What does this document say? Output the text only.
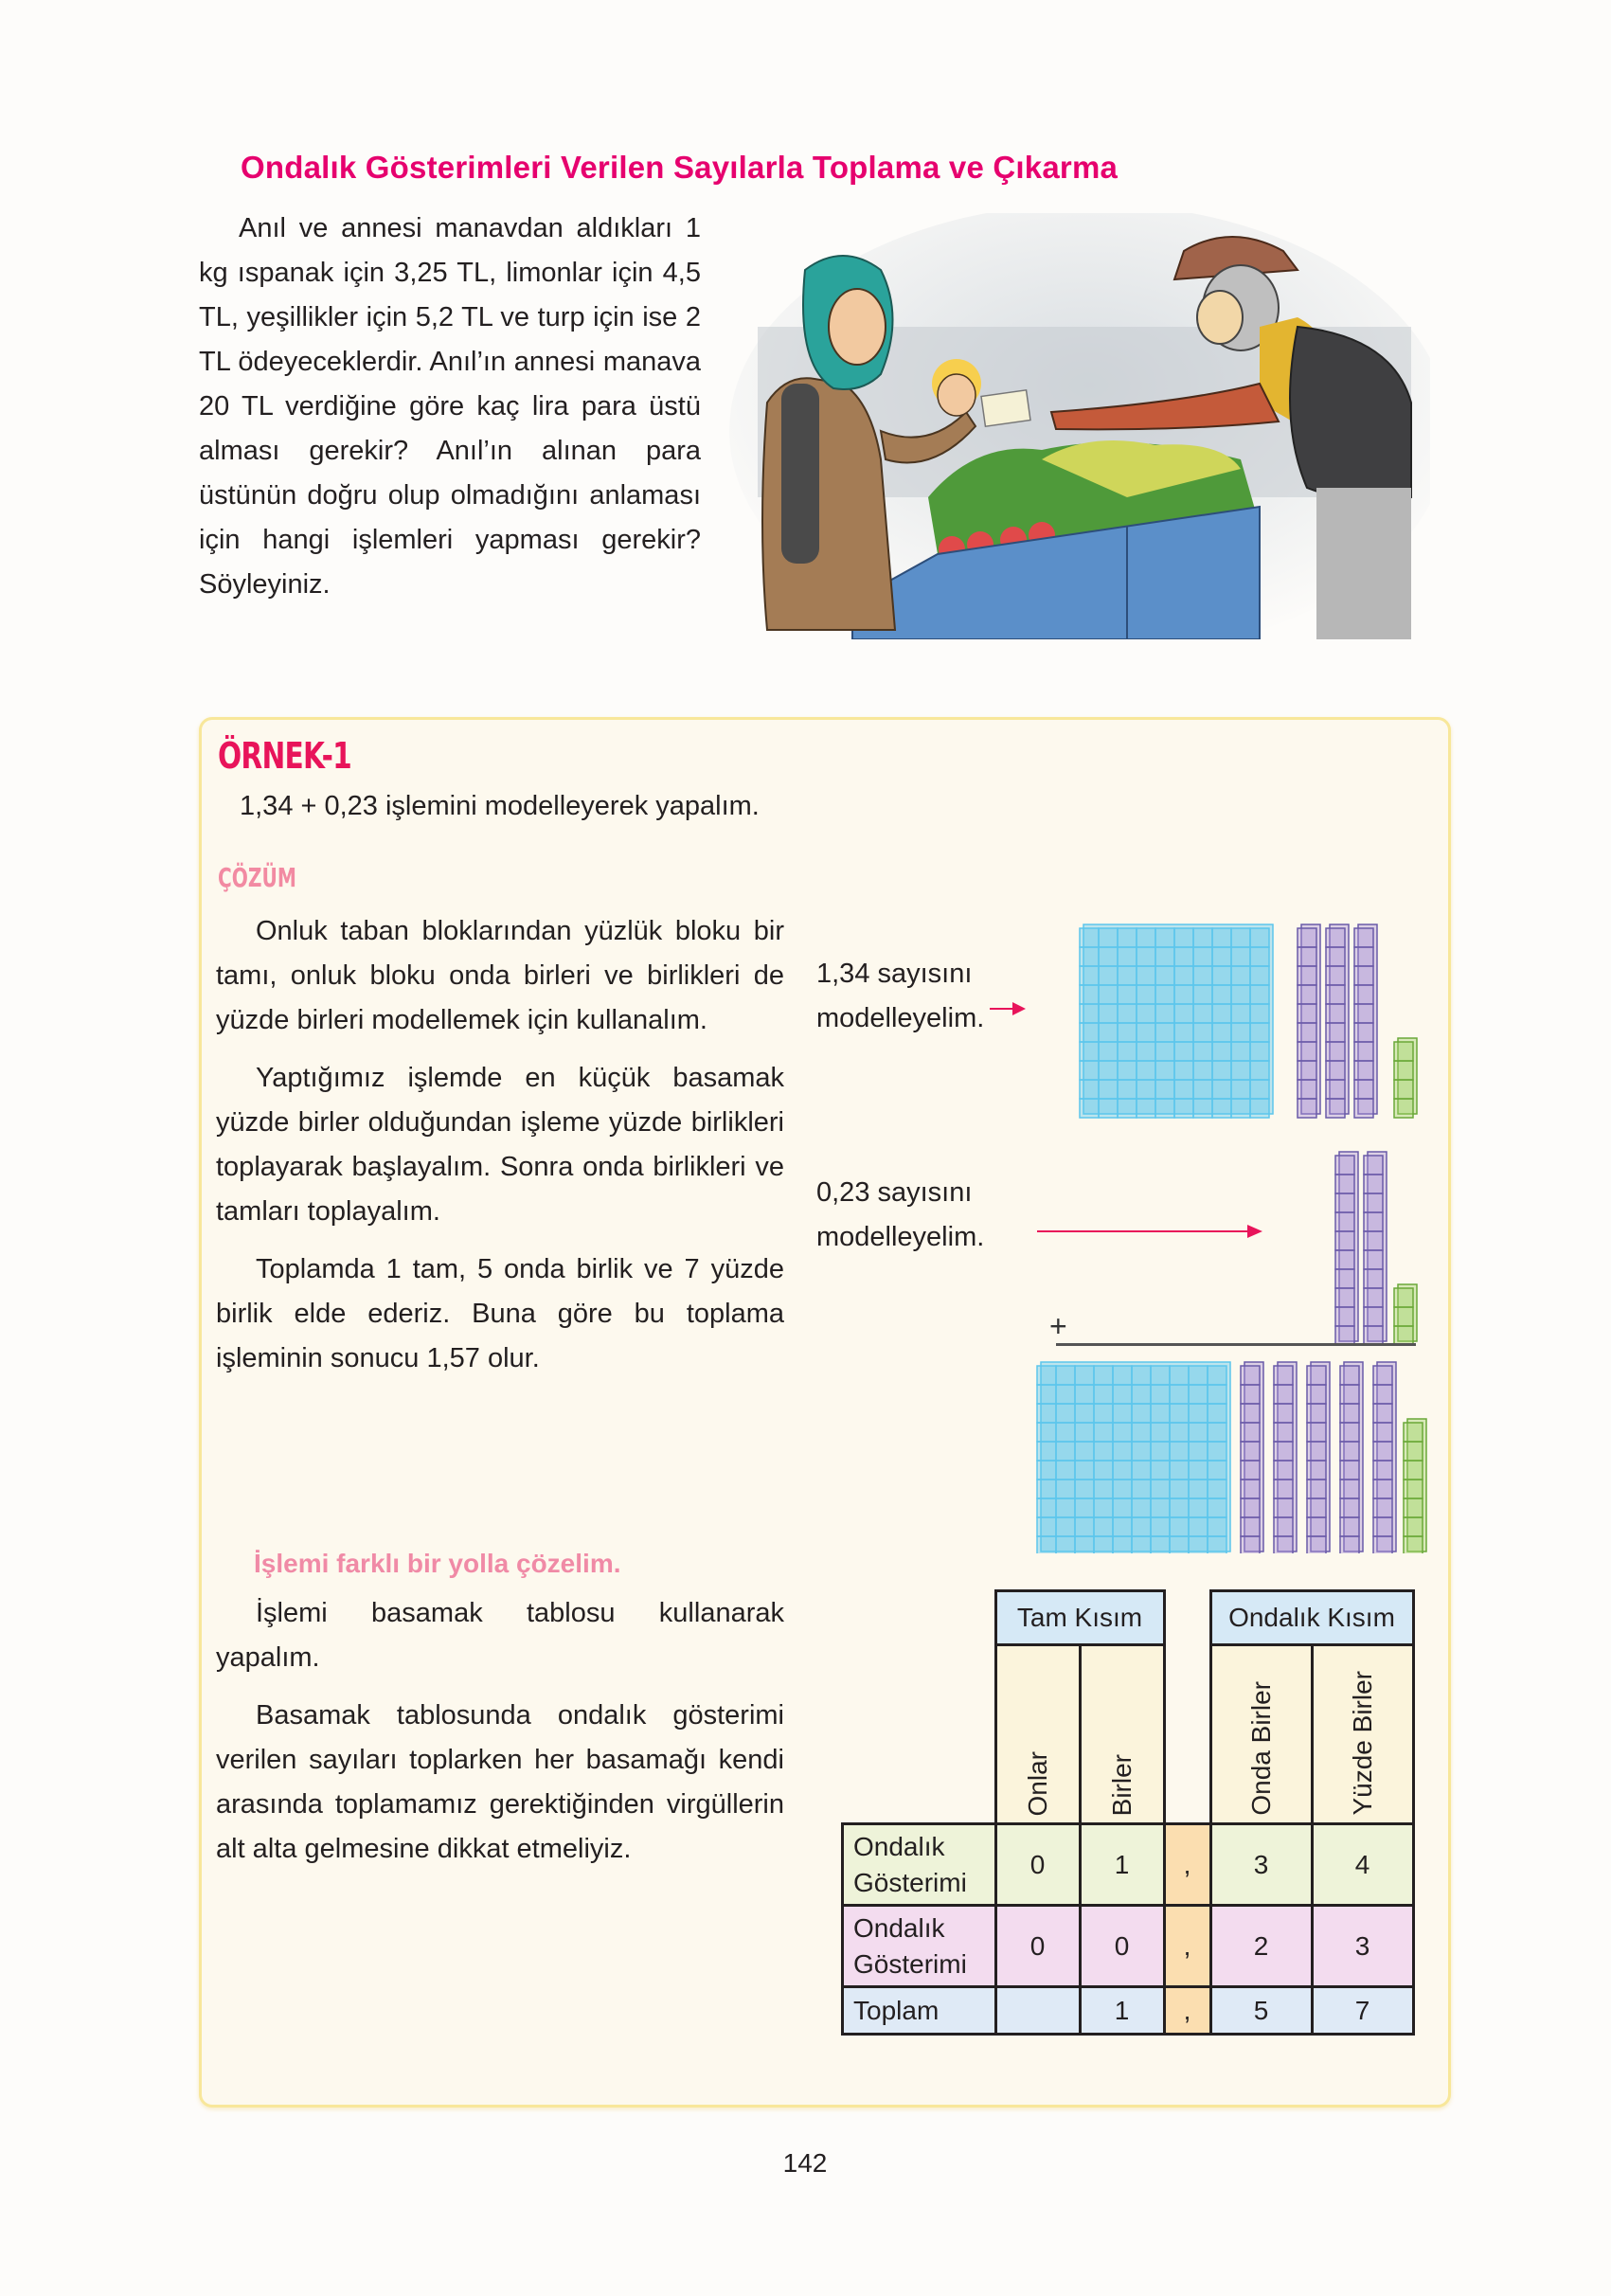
Ondalık Gösterimleri Verilen Sayılarla Toplama ve Çıkarma
Anıl ve annesi manavdan aldıkları 1 kg ıspanak için 3,25 TL, limonlar için 4,5 TL, yeşillikler için 5,2 TL ve turp için ise 2 TL ödeyeceklerdir. Anıl’ın annesi manava 20 TL verdiğine göre kaç lira para üstü alması gerekir? Anıl’ın alınan para üstünün doğru olup olmadığını anlaması için hangi işlemleri yapması gerekir? Söyleyiniz.
ÖRNEK-1
1,34 + 0,23 işlemini modelleyerek yapalım.
ÇÖZÜM

Onluk taban bloklarından yüzlük bloku bir tamı, onluk bloku onda birleri ve birlikleri de yüzde birleri modellemek için kullanalım.

Yaptığımız işlemde en küçük basamak yüzde birler olduğundan işleme yüzde birlikleri toplayarak başlayalım. Sonra onda birlikleri ve tamları toplayalım.

Toplamda 1 tam, 5 onda birlik ve 7 yüzde birlik elde ederiz. Buna göre bu toplama işleminin sonucu 1,57 olur.

1,34 sayısını
modelleyelim.
0,23 sayısını
modelleyelim.
+
İşlemi farklı bir yolla çözelim.

İşlemi basamak tablosu kullanarak yapalım.

Basamak tablosunda ondalık gösterimi verilen sayıları toplarken her basamağı kendi arasında toplamamız gerektiğinden virgüllerin alt alta gelmesine dikkat etmeliyiz.

	Tam Kısım			Ondalık Kısım	
	Onlar	Birler		Onda Birler	Yüzde Birler
Ondalık Gösterimi	0	1	,	3	4
Ondalık Gösterimi	0	0	,	2	3
Toplam		1	,	5	7
142
